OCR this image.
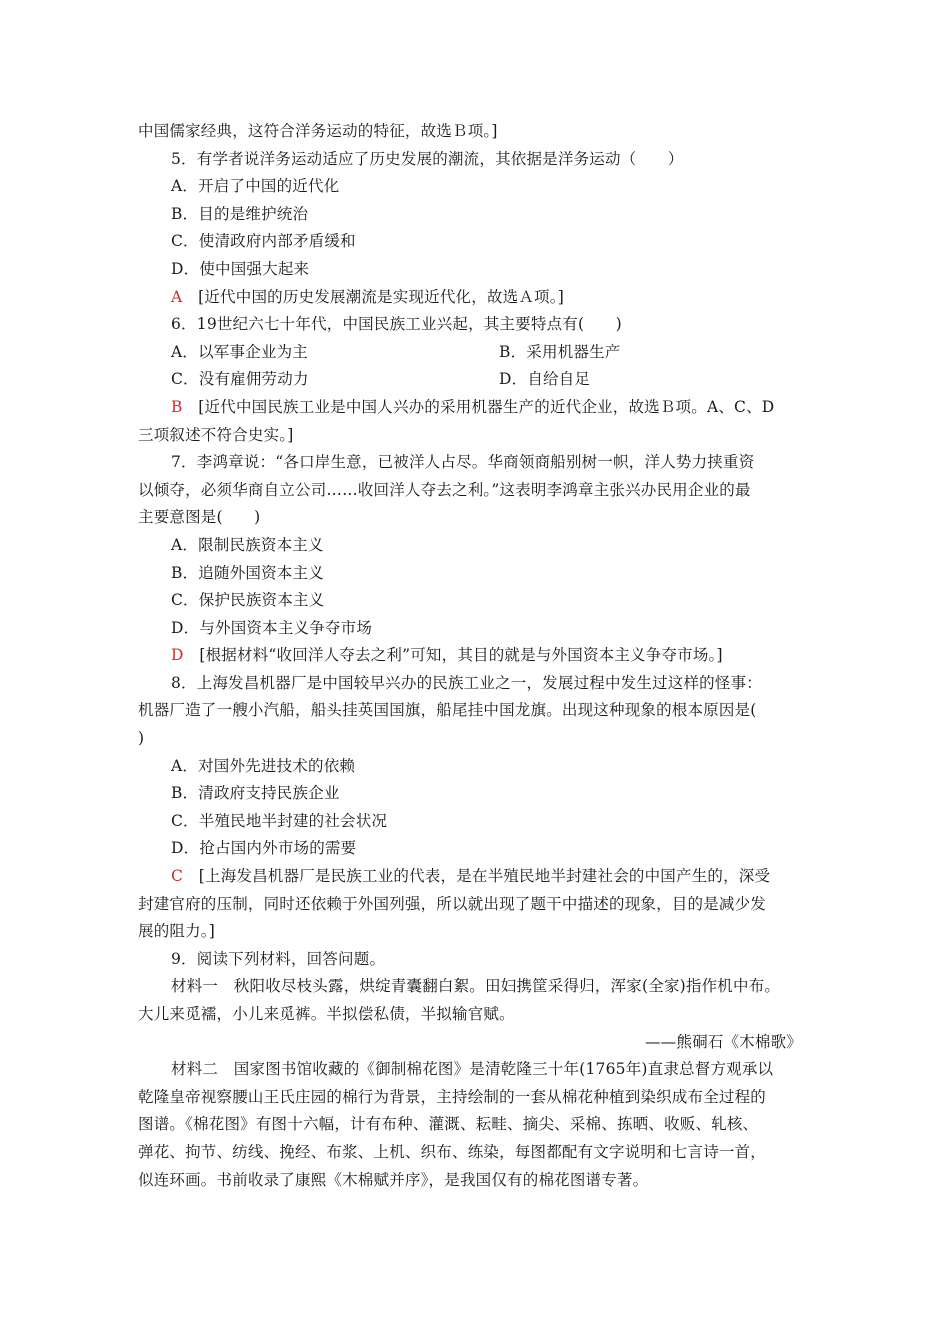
中国儒家经典，这符合洋务运动的特征，故选Ｂ项。]
5．有学者说洋务运动适应了历史发展的潮流，其依据是洋务运动（　　）
A．开启了中国的近代化
B．目的是维护统治
C．使清政府内部矛盾缓和
D．使中国强大起来
A　[近代中国的历史发展潮流是实现近代化，故选Ａ项。]
6．19世纪六七十年代，中国民族工业兴起，其主要特点有(　　)
A．以军事企业为主	B．采用机器生产
C．没有雇佣劳动力	D．自给自足
B　[近代中国民族工业是中国人兴办的采用机器生产的近代企业，故选Ｂ项。A、C、D
三项叙述不符合史实。]
7．李鸿章说：“各口岸生意，已被洋人占尽。华商领商船别树一帜，洋人势力挟重资
以倾夺，必须华商自立公司……收回洋人夺去之利。”这表明李鸿章主张兴办民用企业的最
主要意图是(　　)
A．限制民族资本主义
B．追随外国资本主义
C．保护民族资本主义
D．与外国资本主义争夺市场
D　[根据材料“收回洋人夺去之利”可知，其目的就是与外国资本主义争夺市场。]
8．上海发昌机器厂是中国较早兴办的民族工业之一，发展过程中发生过这样的怪事：
机器厂造了一艘小汽船，船头挂英国国旗，船尾挂中国龙旗。出现这种现象的根本原因是(
)
A．对国外先进技术的依赖
B．清政府支持民族企业
C．半殖民地半封建的社会状况
D．抢占国内外市场的需要
C　[上海发昌机器厂是民族工业的代表，是在半殖民地半封建社会的中国产生的，深受
封建官府的压制，同时还依赖于外国列强，所以就出现了题干中描述的现象，目的是减少发
展的阻力。]
9．阅读下列材料，回答问题。
材料一　秋阳收尽枝头露，烘绽青囊翻白絮。田妇携筐采得归，浑家(全家)指作机中布。
大儿来觅襦，小儿来觅裤。半拟偿私债，半拟输官赋。
——熊硐石《木棉歌》
材料二　国家图书馆收藏的《御制棉花图》是清乾隆三十年(1765年)直隶总督方观承以
乾隆皇帝视察腰山王氏庄园的棉行为背景，主持绘制的一套从棉花种植到染织成布全过程的
图谱。《棉花图》有图十六幅，计有布种、灌溉、耘畦、摘尖、采棉、拣晒、收贩、轧核、
弹花、拘节、纺线、挽经、布浆、上机、织布、练染，每图都配有文字说明和七言诗一首，
似连环画。书前收录了康熙《木棉赋并序》，是我国仅有的棉花图谱专著。
